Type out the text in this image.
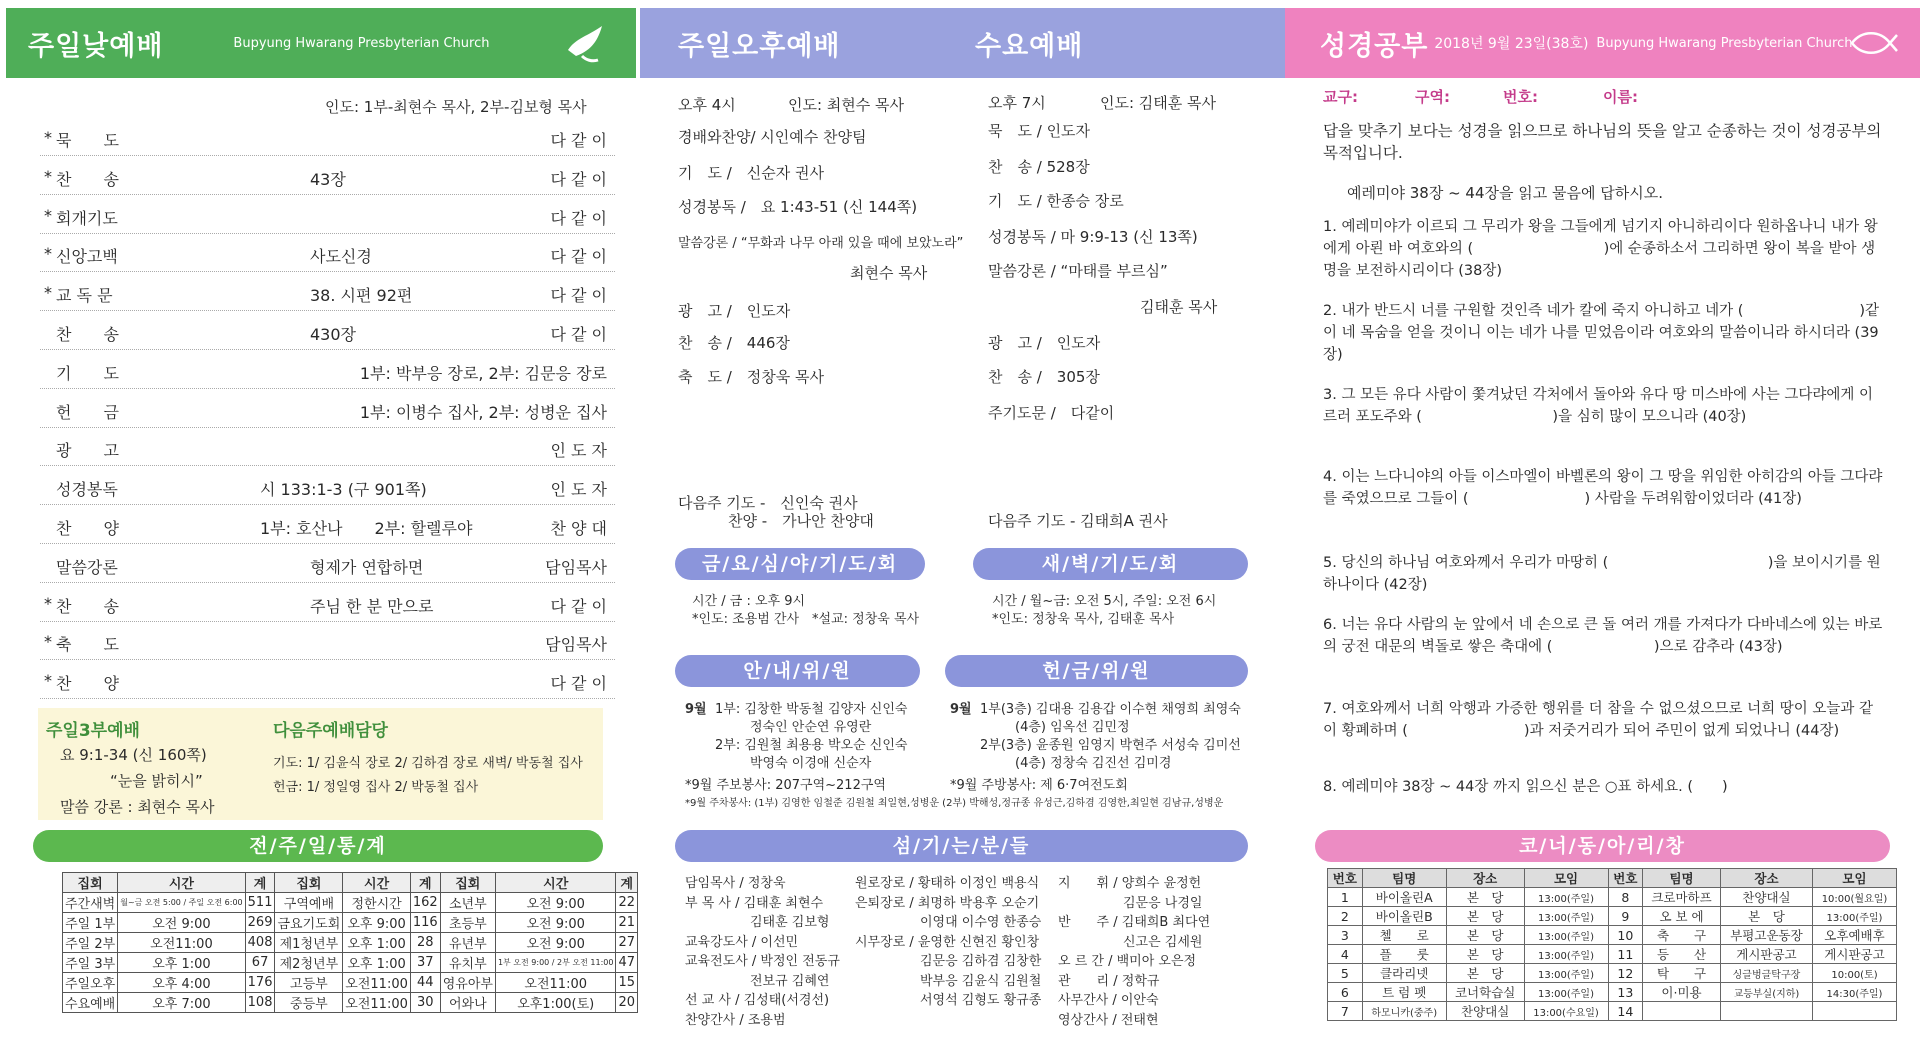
주일낮예배	Bupyung Hwarang Presbyterian Church
인도: 1부-최현수 목사, 2부-김보형 목사
* 묵　　도	다 같 이
* 찬　　송	43장	다 같 이
* 회개기도	다 같 이
* 신앙고백	사도신경	다 같 이
* 교 독 문	38. 시편 92편	다 같 이
찬　　송	430장	다 같 이
기　　도	1부: 박부응 장로, 2부: 김문응 장로
헌　　금	1부: 이병수 집사, 2부: 성병운 집사
광　　고	인 도 자
성경봉독	시 133:1-3 (구 901쪽)	인 도 자
찬　　양	1부: 호산나　　2부: 할렐루야	찬 양 대
말씀강론	형제가 연합하면	담임목사
* 찬　　송	주님 한 분 만으로	다 같 이
* 축　　도	담임목사
* 찬　　양	다 같 이
주일3부예배
요 9:1-34 (신 160쪽)
“눈을 밝히시”
말씀 강론 : 최현수 목사
다음주예배담당
기도: 1/ 김윤식 장로 2/ 김하겸 장로 새벽/ 박동철 집사
헌금: 1/ 정일영 집사 2/ 박동철 집사
전/주/일/통/계
집회	시간	계	집회	시간	계	집회	시간	계
주간새벽	월~금 오전 5:00 / 주일 오전 6:00	511	구역예배	정한시간	162	소년부	오전 9:00	22
주일 1부	오전 9:00	269	금요기도회	오후 9:00	116	초등부	오전 9:00	21
주일 2부	오전11:00	408	제1청년부	오후 1:00	28	유년부	오전 9:00	27
주일 3부	오후 1:00	67	제2청년부	오후 1:00	37	유치부	1부 오전 9:00 / 2부 오전 11:00	47
주일오후	오후 4:00	176	고등부	오전11:00	44	영유아부	오전11:00	15
수요예배	오후 7:00	108	중등부	오전11:00	30	어와나	오후1:00(토)	20
주일오후예배	수요예배
오후 4시	인도: 최현수 목사
경배와찬양/ 시인예수 찬양팀
기　도 /　신순자 권사
성경봉독 /　요 1:43-51 (신 144쪽)
말씀강론 / “무화과 나무 아래 있을 때에 보았노라”
최현수 목사
광　고 /　인도자
찬　송 /　446장
축　도 /　정창욱 목사
다음주 기도 -　신인숙 권사
찬양 -　가나안 찬양대
오후 7시	인도: 김태훈 목사
묵　도 / 인도자
찬　송 / 528장
기　도 / 한종승 장로
성경봉독 / 마 9:9-13 (신 13쪽)
말씀강론 / “마태를 부르심”
김태훈 목사
광　고 /　인도자
찬　송 /　305장
주기도문 /　다같이
다음주 기도 - 김태희A 권사
금/요/심/야/기/도/회
시간 / 금 : 오후 9시
*인도: 조용범 간사　*설교: 정창욱 목사
새/벽/기/도/회
시간 / 월~금: 오전 5시, 주일: 오전 6시
*인도: 정창욱 목사, 김태훈 목사
안/내/위/원
9월 1부: 김창한 박동철 김양자 신인숙
정숙인 안순연 유영란
2부: 김원철 최용용 박오순 신인숙
박영숙 이경애 신순자
*9월 주보봉사: 207구역~212구역
헌/금/위/원
9월 1부(3층) 김대용 김용갑 이수현 채영희 최영숙
(4층) 임옥선 김민정
2부(3층) 윤종원 임영지 박현주 서성숙 김미선
(4층) 정창숙 김진선 김미경
*9월 주방봉사: 제 6·7여전도회
*9월 주차봉사: (1부) 김영한 임철준 김원철 최일현,성병운 (2부) 박해성,정규종 유성근,김하겸 김영한,최일현 김남규,성병운
섬/기/는/분/들
담임목사 / 정창욱
부 목 사 / 김태훈 최현수
　　　　　김태훈 김보형
교육강도사 / 이선민
교육전도사 / 박정인 전동규
　　　　　전보규 김혜연
선 교 사 / 김성태(서경선)
찬양간사 / 조용범
원로장로 / 황태하 이정인 백용식
은퇴장로 / 최명하 박용후 오순기
　　　　　이영대 이수영 한종승
시무장로 / 윤영한 신현진 황인창
　　　　　김문응 김하겸 김창한
　　　　　박부응 김윤식 김원철
　　　　　서영석 김형도 황규종
지　　휘 / 양희수 윤정헌
　　　　　김문응 나경일
반　　주 / 김태희B 최다연
　　　　　신고은 김세원
오 르 간 / 백미아 오은정
관　　리 / 정학규
사무간사 / 이안숙
영상간사 / 전태현
성경공부 2018년 9월 23일(38호) Bupyung Hwarang Presbyterian Church
교구:	구역:	번호:	이름:
답을 맞추기 보다는 성경을 읽으므로 하나님의 뜻을 알고 순종하는 것이 성경공부의 목적입니다.
예레미야 38장 ~ 44장을 읽고 물음에 답하시오.
1. 예레미야가 이르되 그 무리가 왕을 그들에게 넘기지 아니하리이다 원하옵나니 내가 왕에게 아뢴 바 여호와의 (　　　　　　　　　)에 순종하소서 그리하면 왕이 복을 받아 생명을 보전하시리이다 (38장)
2. 내가 반드시 너를 구원할 것인즉 네가 칼에 죽지 아니하고 네가 (　　　　　　　　)같이 네 목숨을 얻을 것이니 이는 네가 나를 믿었음이라 여호와의 말씀이니라 하시더라 (39장)
3. 그 모든 유다 사람이 쫓겨났던 각처에서 돌아와 유다 땅 미스바에 사는 그다랴에게 이르러 포도주와 (　　　　　　　　　)을 심히 많이 모으니라 (40장)
4. 이는 느다니야의 아들 이스마엘이 바벨론의 왕이 그 땅을 위임한 아히감의 아들 그다랴를 죽였으므로 그들이 (　　　　　　　　) 사람을 두려워함이었더라 (41장)
5. 당신의 하나님 여호와께서 우리가 마땅히 (　　　　　　　　　　　)을 보이시기를 원하나이다 (42장)
6. 너는 유다 사람의 눈 앞에서 네 손으로 큰 돌 여러 개를 가져다가 다바네스에 있는 바로의 궁전 대문의 벽돌로 쌓은 축대에 (　　　　　　　)으로 감추라 (43장)
7. 여호와께서 너희 악행과 가증한 행위를 더 참을 수 없으셨으므로 너희 땅이 오늘과 같이 황폐하며 (　　　　　　　　)과 저줏거리가 되어 주민이 없게 되었나니 (44장)
8. 예레미야 38장 ~ 44장 까지 읽으신 분은 ○표 하세요. (　　)
코/너/동/아/리/창
번호	팀명	장소	모임	번호	팀명	장소	모임
1	바이올린A	본　당	13:00(주일)	8	크로마하프	찬양대실	10:00(월요일)
2	바이올린B	본　당	13:00(주일)	9	오 보 에	본　당	13:00(주일)
3	첼　　로	본　당	13:00(주일)	10	축　　구	부평고운동장	오후예배후
4	플　　룻	본　당	13:00(주일)	11	등　　산	게시판공고	게시판공고
5	클라리넷	본　당	13:00(주일)	12	탁　　구	싱글벙글탁구장	10:00(토)
6	트 럼 펫	코너학습실	13:00(주일)	13	이·미용	교등부실(지하)	14:30(주일)
7	하모니카(중주)	찬양대실	13:00(수요일)	14			
